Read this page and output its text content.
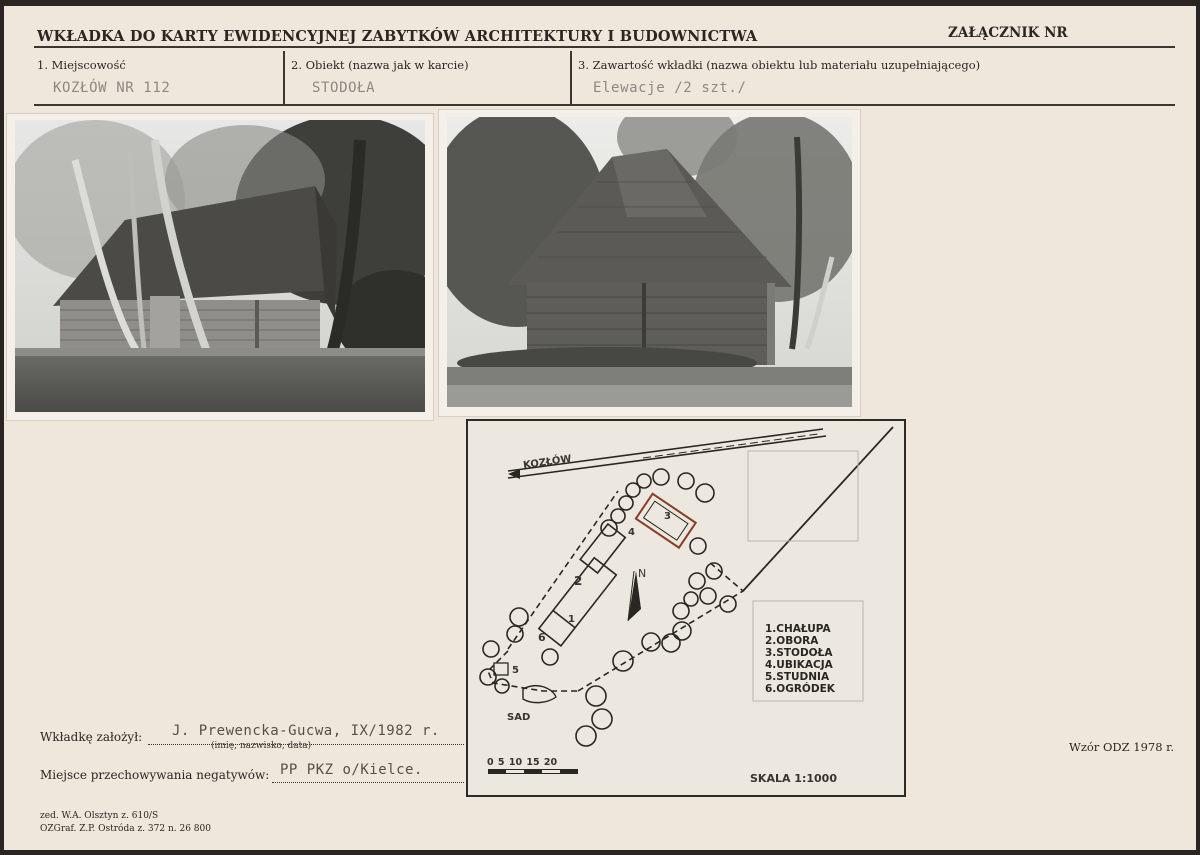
WKŁADKA DO KARTY EWIDENCYJNEJ ZABYTKÓW ARCHITEKTURY I BUDOWNICTWA	ZAŁĄCZNIK NR
1. Miejscowość
KOZŁÓW NR 112
2. Obiekt (nazwa jak w karcie)
STODOŁA
3. Zawartość wkładki (nazwa obiektu lub materiału uzupełniającego)
Elewacje /2 szt./
KOZŁÓW
N
SAD
1
2
3
4
5
6
1.CHAŁUPA
2.OBORA
3.STODOŁA
4.UBIKACJA
5.STUDNIA
6.OGRÓDEK
0 5 10 15 20
SKALA 1:1000
Wkładkę założył: J. Prewencka-Gucwa, IX/1982 r.
(imię, nazwisko, data)
Miejsce przechowywania negatywów: PP PKZ o/Kielce.
Wzór ODZ 1978 r.
zed. W.A. Olsztyn z. 610/S
OZGraf. Z.P. Ostróda z. 372 n. 26 800
